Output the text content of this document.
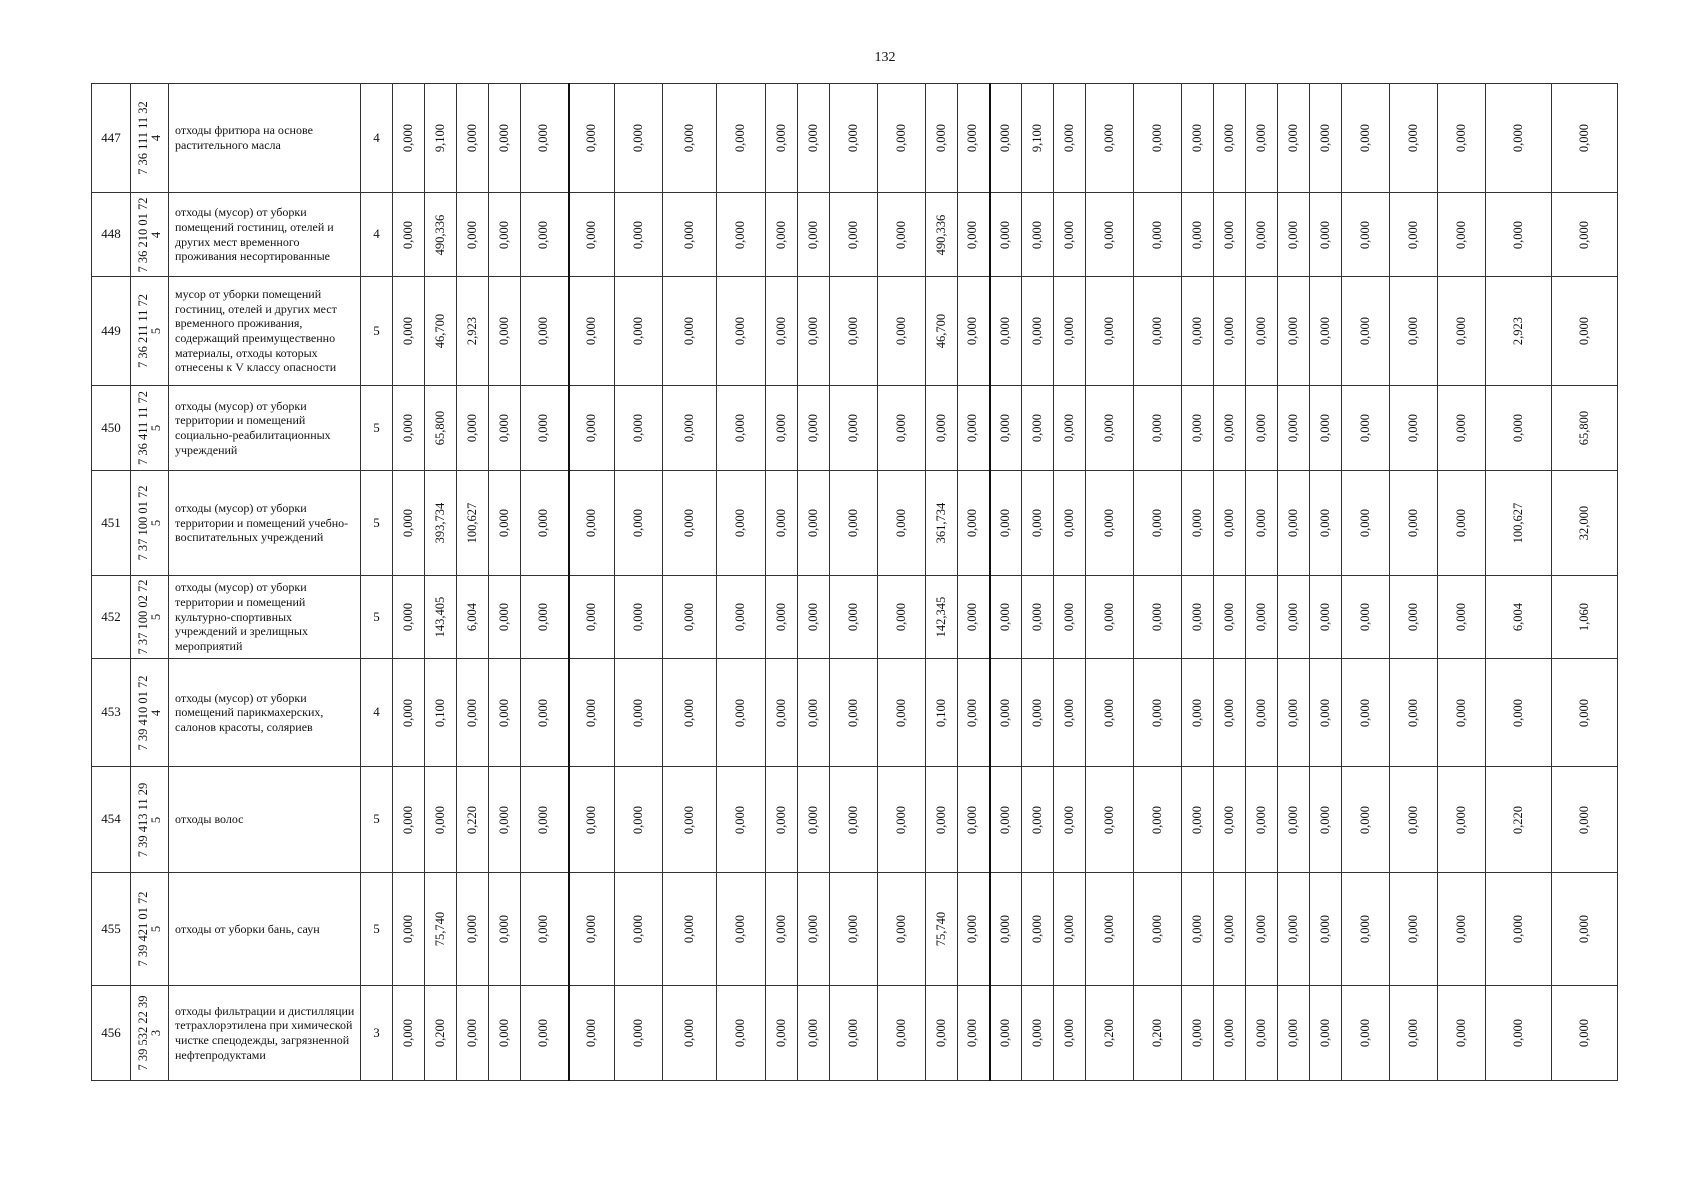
132
447	7 36 111 11 32 4	отходы фритюра на основе растительного масла	4	0,000	9,100	0,000	0,000	0,000	0,000	0,000	0,000	0,000	0,000	0,000	0,000	0,000	0,000	0,000	0,000	9,100	0,000	0,000	0,000	0,000	0,000	0,000	0,000	0,000	0,000	0,000	0,000	0,000	0,000

448	7 36 210 01 72 4	отходы (мусор) от уборки помещений гостиниц, отелей и других мест временного проживания несортированные	4	0,000	490,336	0,000	0,000	0,000	0,000	0,000	0,000	0,000	0,000	0,000	0,000	0,000	490,336	0,000	0,000	0,000	0,000	0,000	0,000	0,000	0,000	0,000	0,000	0,000	0,000	0,000	0,000	0,000	0,000

449	7 36 211 11 72 5	мусор от уборки помещений гостиниц, отелей и других мест временного проживания, содержащий преимущественно материалы, отходы которых отнесены к V классу опасности	5	0,000	46,700	2,923	0,000	0,000	0,000	0,000	0,000	0,000	0,000	0,000	0,000	0,000	46,700	0,000	0,000	0,000	0,000	0,000	0,000	0,000	0,000	0,000	0,000	0,000	0,000	0,000	0,000	2,923	0,000

450	7 36 411 11 72 5	отходы (мусор) от уборки территории и помещений социально-реабилитационных учреждений	5	0,000	65,800	0,000	0,000	0,000	0,000	0,000	0,000	0,000	0,000	0,000	0,000	0,000	0,000	0,000	0,000	0,000	0,000	0,000	0,000	0,000	0,000	0,000	0,000	0,000	0,000	0,000	0,000	0,000	65,800

451	7 37 100 01 72 5	отходы (мусор) от уборки территории и помещений учебно-воспитательных учреждений	5	0,000	393,734	100,627	0,000	0,000	0,000	0,000	0,000	0,000	0,000	0,000	0,000	0,000	361,734	0,000	0,000	0,000	0,000	0,000	0,000	0,000	0,000	0,000	0,000	0,000	0,000	0,000	0,000	100,627	32,000

452	7 37 100 02 72 5	отходы (мусор) от уборки территории и помещений культурно-спортивных учреждений и зрелищных мероприятий	5	0,000	143,405	6,004	0,000	0,000	0,000	0,000	0,000	0,000	0,000	0,000	0,000	0,000	142,345	0,000	0,000	0,000	0,000	0,000	0,000	0,000	0,000	0,000	0,000	0,000	0,000	0,000	0,000	6,004	1,060

453	7 39 410 01 72 4	отходы (мусор) от уборки помещений парикмахерских, салонов красоты, соляриев	4	0,000	0,100	0,000	0,000	0,000	0,000	0,000	0,000	0,000	0,000	0,000	0,000	0,000	0,100	0,000	0,000	0,000	0,000	0,000	0,000	0,000	0,000	0,000	0,000	0,000	0,000	0,000	0,000	0,000	0,000

454	7 39 413 11 29 5	отходы волос	5	0,000	0,000	0,220	0,000	0,000	0,000	0,000	0,000	0,000	0,000	0,000	0,000	0,000	0,000	0,000	0,000	0,000	0,000	0,000	0,000	0,000	0,000	0,000	0,000	0,000	0,000	0,000	0,000	0,220	0,000

455	7 39 421 01 72 5	отходы от уборки бань, саун	5	0,000	75,740	0,000	0,000	0,000	0,000	0,000	0,000	0,000	0,000	0,000	0,000	0,000	75,740	0,000	0,000	0,000	0,000	0,000	0,000	0,000	0,000	0,000	0,000	0,000	0,000	0,000	0,000	0,000	0,000

456	7 39 532 22 39 3	отходы фильтрации и дистилляции тетрахлорэтилена при химической чистке спецодежды, загрязненной нефтепродуктами	3	0,000	0,200	0,000	0,000	0,000	0,000	0,000	0,000	0,000	0,000	0,000	0,000	0,000	0,000	0,000	0,000	0,000	0,000	0,200	0,200	0,000	0,000	0,000	0,000	0,000	0,000	0,000	0,000	0,000	0,000
